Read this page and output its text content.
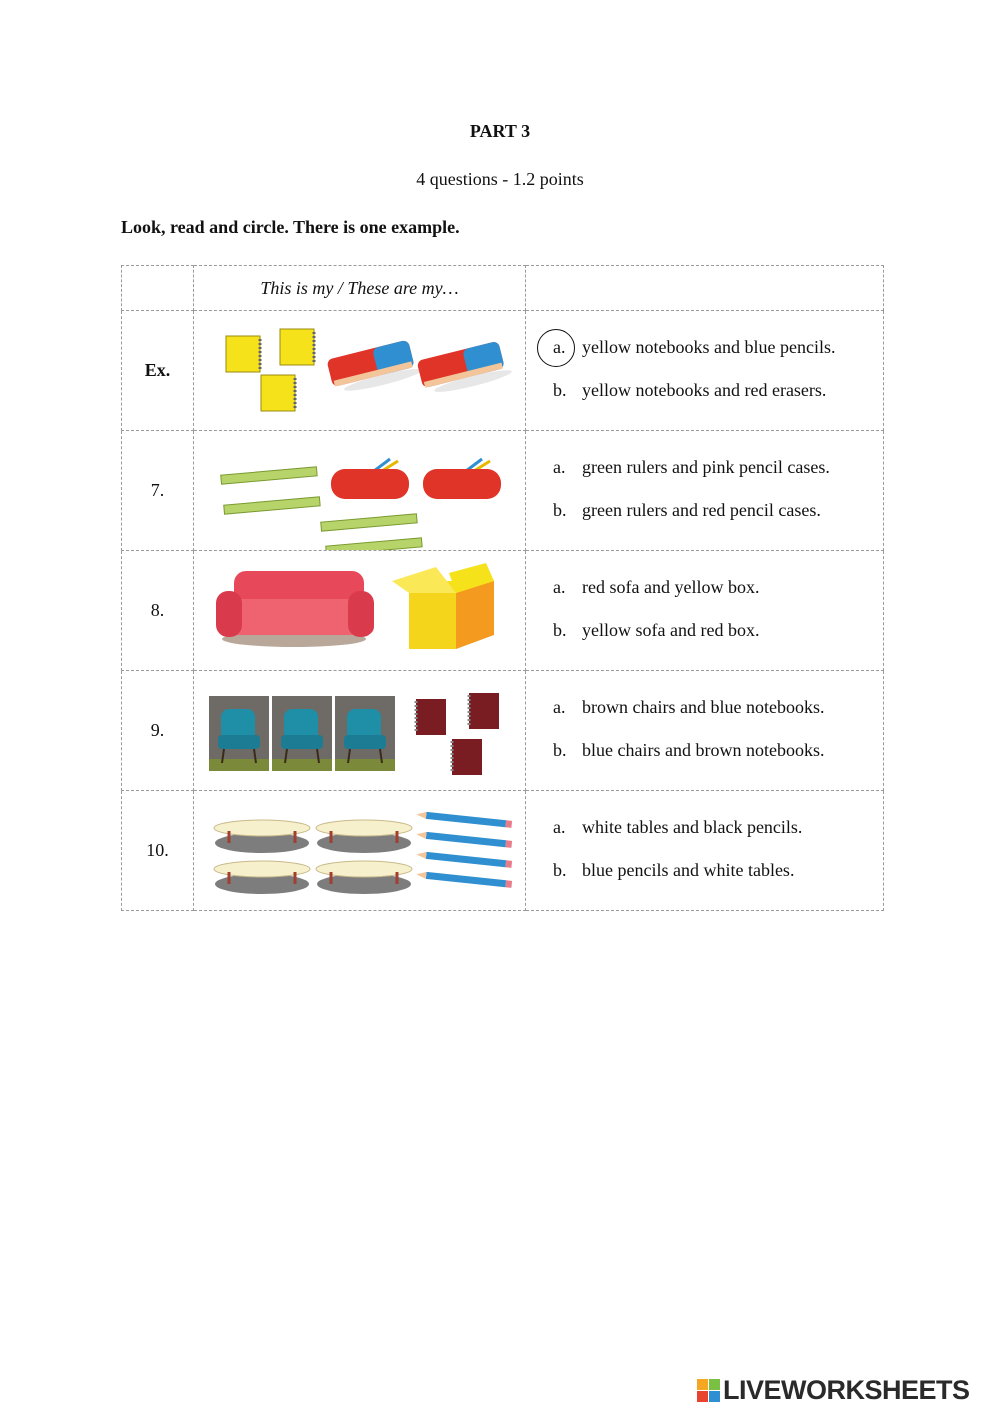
PART 3
4 questions - 1.2 points
Look, read and circle. There is one example.
	This is my / These are my…	
Ex.		a. yellow notebooks and blue pencils.
b. yellow notebooks and red erasers.

7.		a. green rulers and pink pencil cases.
b. green rulers and red pencil cases.

8.		a. red sofa and yellow box.
b. yellow sofa and red box.

9.		a. brown chairs and blue notebooks.
b. blue chairs and brown notebooks.

10.		a. white tables and black pencils.
b. blue pencils and white tables.
LIVEWORKSHEETS
